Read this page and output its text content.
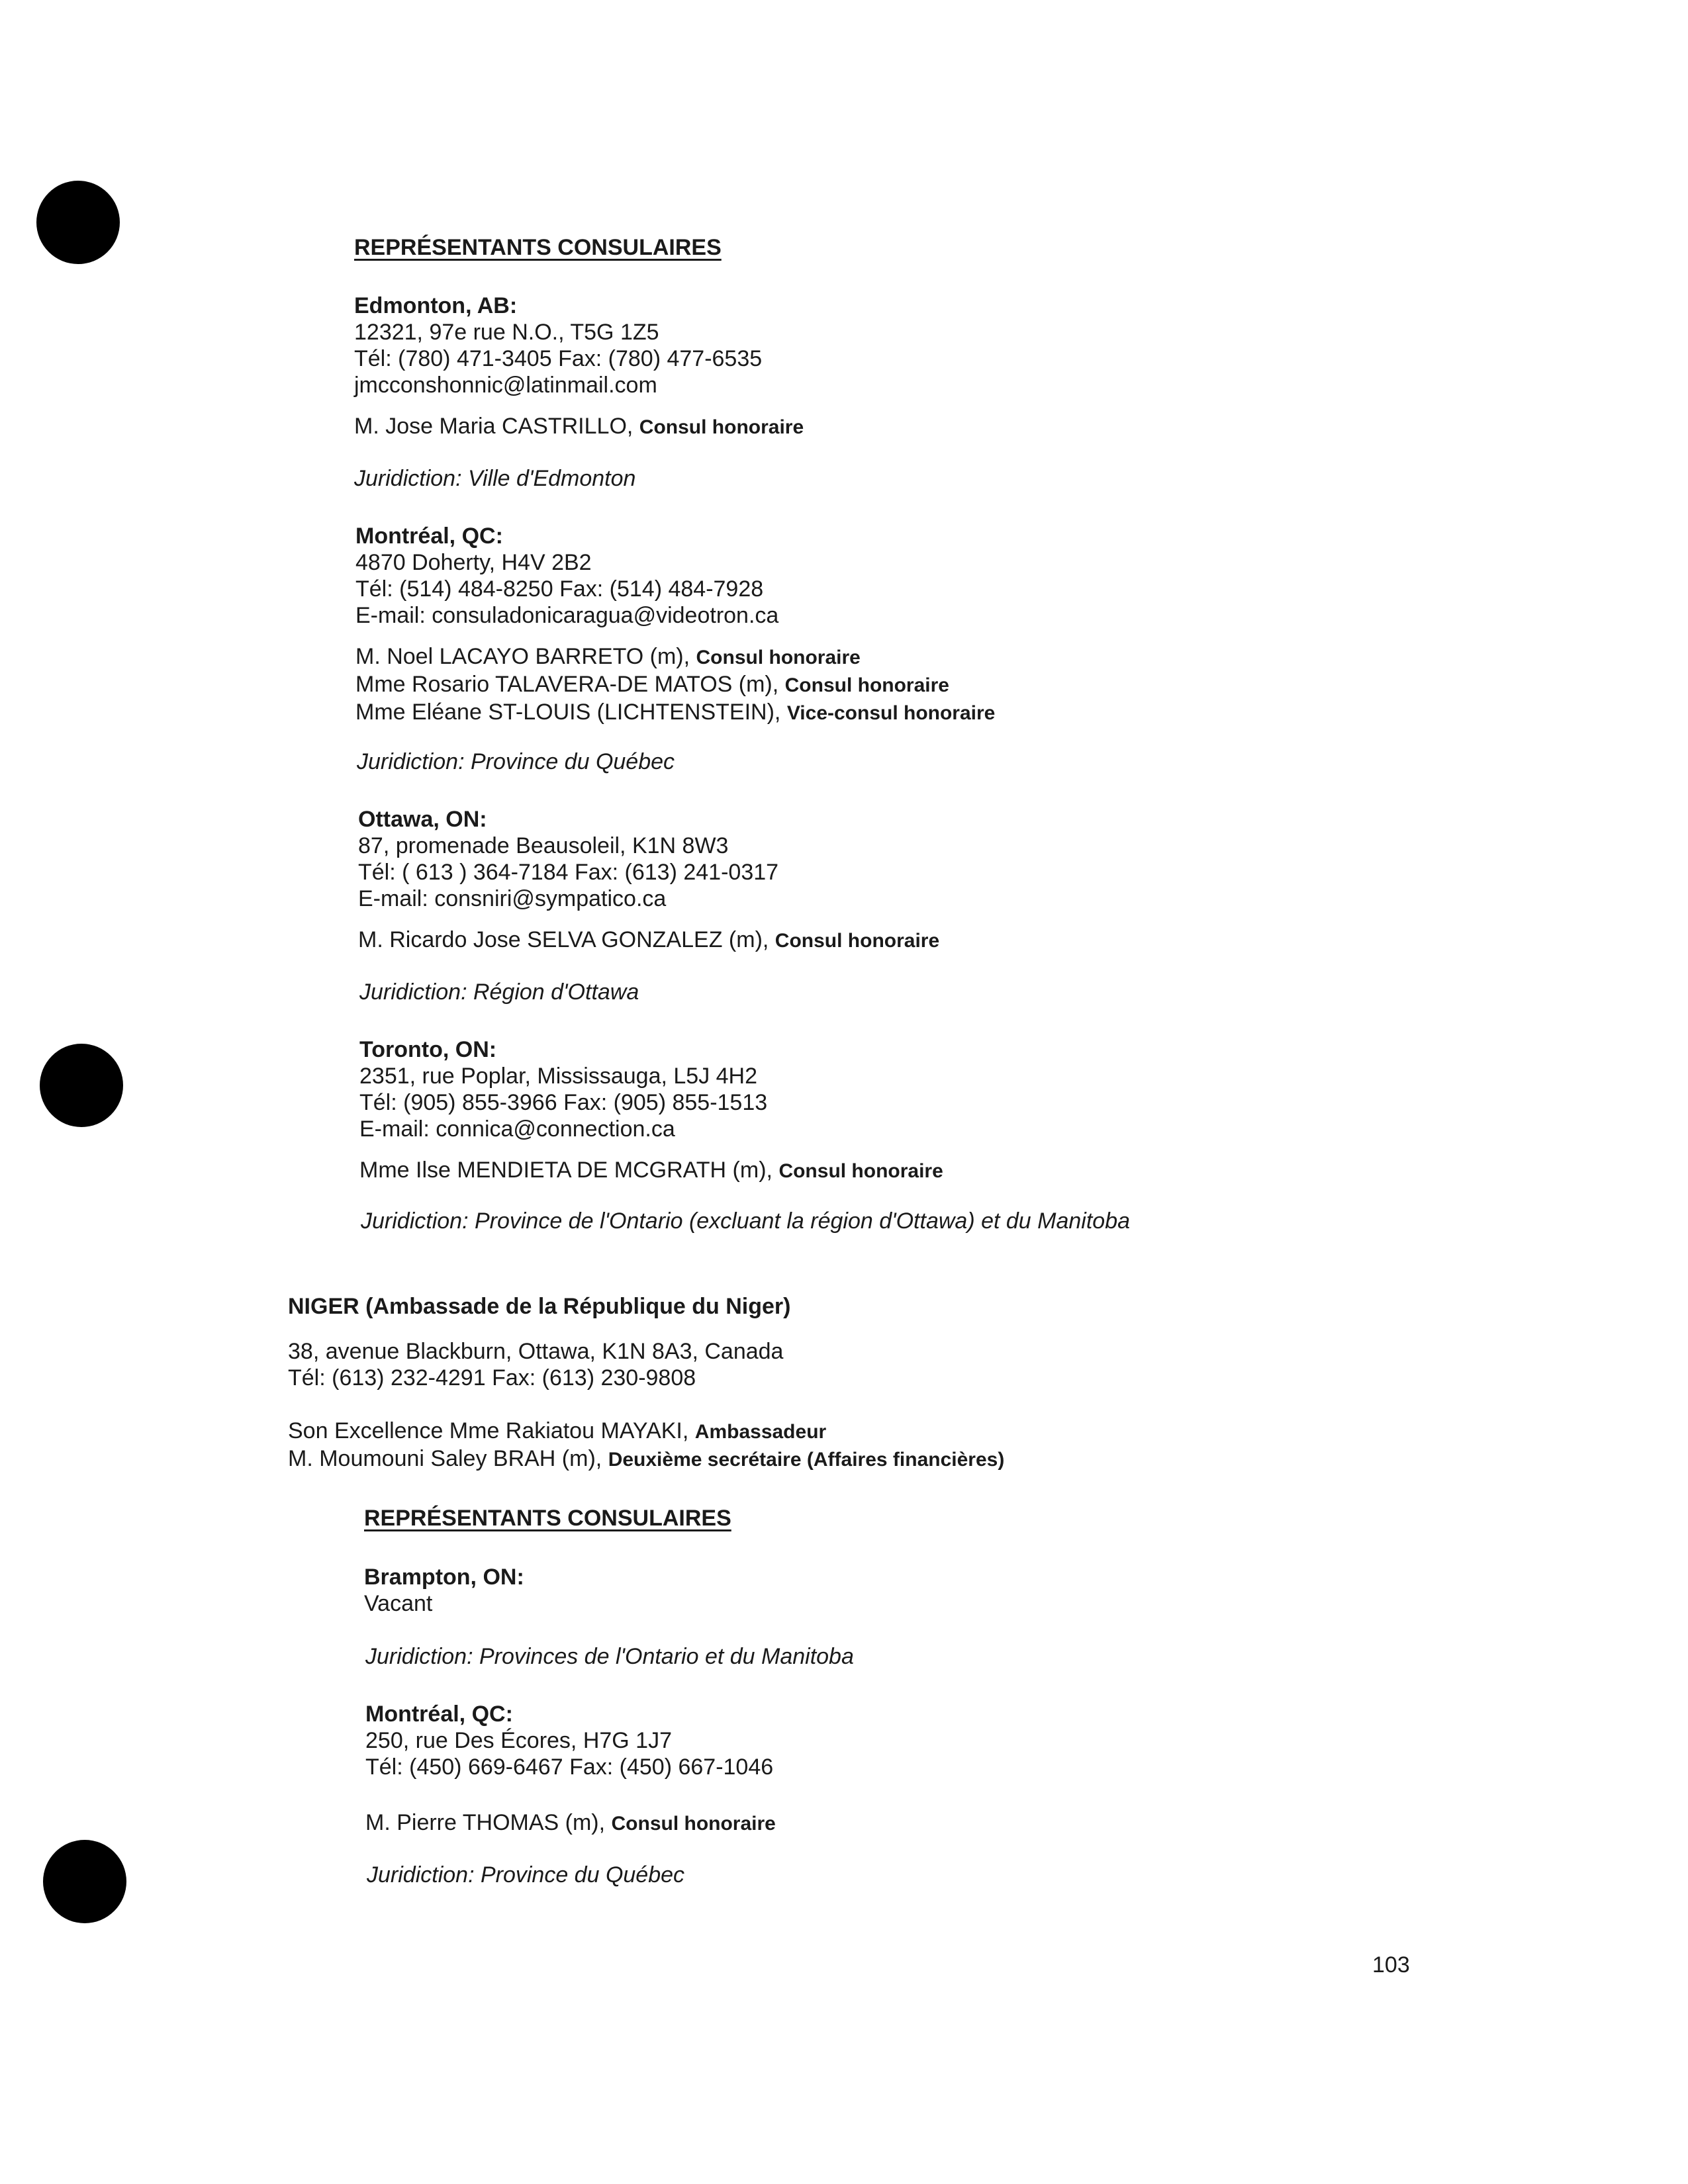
REPRÉSENTANTS CONSULAIRES
Edmonton, AB:
12321, 97e rue N.O., T5G 1Z5
Tél: (780) 471-3405 Fax: (780) 477-6535
jmcconshonnic@latinmail.com
M. Jose Maria CASTRILLO, Consul honoraire
Juridiction: Ville d'Edmonton
Montréal, QC:
4870 Doherty, H4V 2B2
Tél: (514) 484-8250 Fax: (514) 484-7928
E-mail: consuladonicaragua@videotron.ca
M. Noel LACAYO BARRETO (m), Consul honoraire
Mme Rosario TALAVERA-DE MATOS (m), Consul honoraire
Mme Eléane ST-LOUIS (LICHTENSTEIN), Vice-consul honoraire
Juridiction: Province du Québec
Ottawa, ON:
87, promenade Beausoleil, K1N 8W3
Tél: ( 613 ) 364-7184 Fax: (613) 241-0317
E-mail: consniri@sympatico.ca
M. Ricardo Jose SELVA GONZALEZ (m), Consul honoraire
Juridiction: Région d'Ottawa
Toronto, ON:
2351, rue Poplar, Mississauga, L5J 4H2
Tél: (905) 855-3966 Fax: (905) 855-1513
E-mail: connica@connection.ca
Mme Ilse MENDIETA DE MCGRATH (m), Consul honoraire
Juridiction: Province de l'Ontario (excluant la région d'Ottawa) et du Manitoba
NIGER (Ambassade de la République du Niger)
38, avenue Blackburn, Ottawa, K1N 8A3, Canada
Tél: (613) 232-4291 Fax: (613) 230-9808
Son Excellence Mme Rakiatou MAYAKI, Ambassadeur
M. Moumouni Saley BRAH (m), Deuxième secrétaire (Affaires financières)
REPRÉSENTANTS CONSULAIRES
Brampton, ON:
Vacant
Juridiction: Provinces de l'Ontario et du Manitoba
Montréal, QC:
250, rue Des Écores, H7G 1J7
Tél: (450) 669-6467 Fax: (450) 667-1046
M. Pierre THOMAS (m), Consul honoraire
Juridiction: Province du Québec
103
